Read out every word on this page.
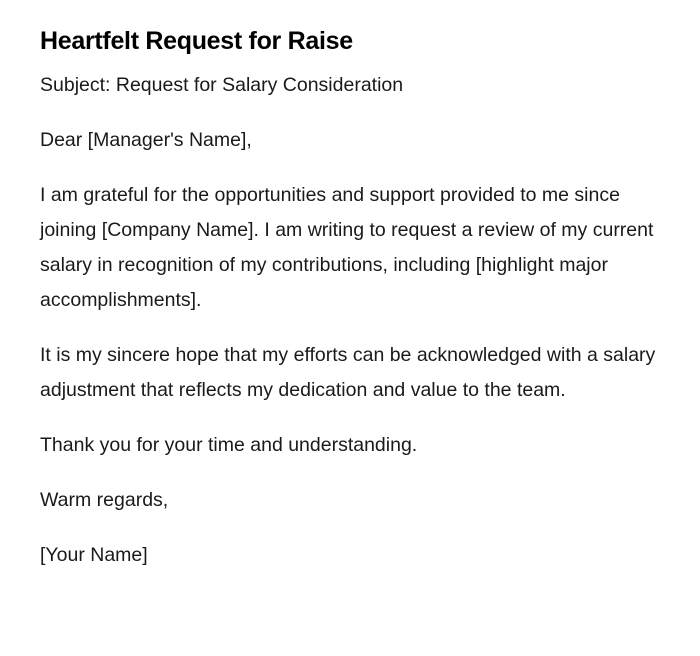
Heartfelt Request for Raise

Subject: Request for Salary Consideration

Dear [Manager's Name],

I am grateful for the opportunities and support provided to me since joining [Company Name]. I am writing to request a review of my current salary in recognition of my contributions, including [highlight major accomplishments].

It is my sincere hope that my efforts can be acknowledged with a salary adjustment that reflects my dedication and value to the team.

Thank you for your time and understanding.

Warm regards,

[Your Name]
